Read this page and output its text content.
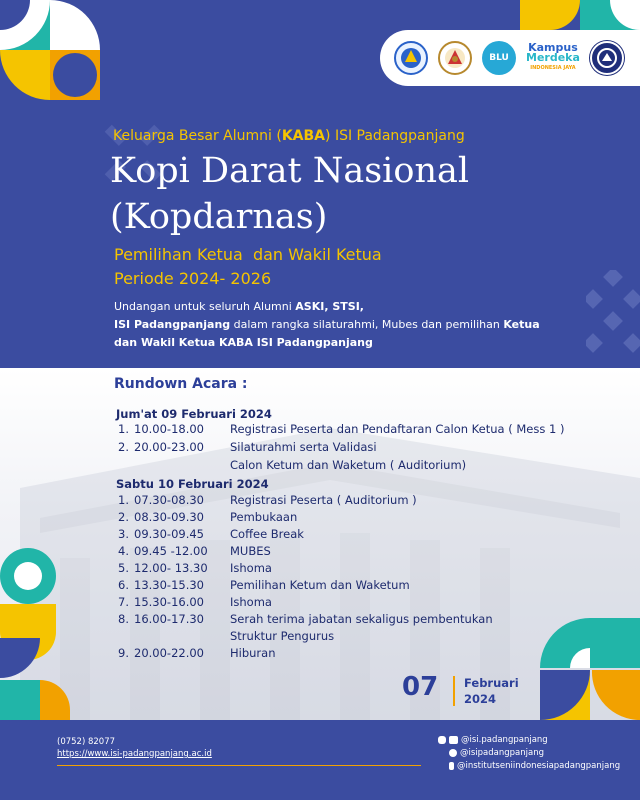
BLU
Kampus
Merdeka
INDONESIA JAYA
Keluarga Besar Alumni (KABA) ISI Padangpanjang
Kopi Darat Nasional
(Kopdarnas)
Pemilihan Ketua  dan Wakil Ketua
Periode 2024- 2026
Undangan untuk seluruh Alumni ASKI, STSI,
ISI Padangpanjang dalam rangka silaturahmi, Mubes dan pemilihan Ketua
dan Wakil Ketua KABA ISI Padangpanjang
Rundown Acara :
Jum'at 09 Februari 2024
1. 10.00-18.00 Registrasi Peserta dan Pendaftaran Calon Ketua ( Mess 1 )
2. 20.00-23.00 Silaturahmi serta Validasi
Calon Ketum dan Waketum ( Auditorium)
Sabtu 10 Februari 2024
1. 07.30-08.30 Registrasi Peserta ( Auditorium )
2. 08.30-09.30 Pembukaan
3. 09.30-09.45 Coffee Break
4. 09.45 -12.00 MUBES
5. 12.00- 13.30 Ishoma
6. 13.30-15.30 Pemilihan Ketum dan Waketum
7. 15.30-16.00 Ishoma
8. 16.00-17.30 Serah terima jabatan sekaligus pembentukan
Struktur Pengurus
9. 20.00-22.00 Hiburan
07 Februari
2024
(0752) 82077
https://www.isi-padangpanjang.ac.id
@isi.padangpanjang
@isipadangpanjang
@institutseniindonesiapadangpanjang
